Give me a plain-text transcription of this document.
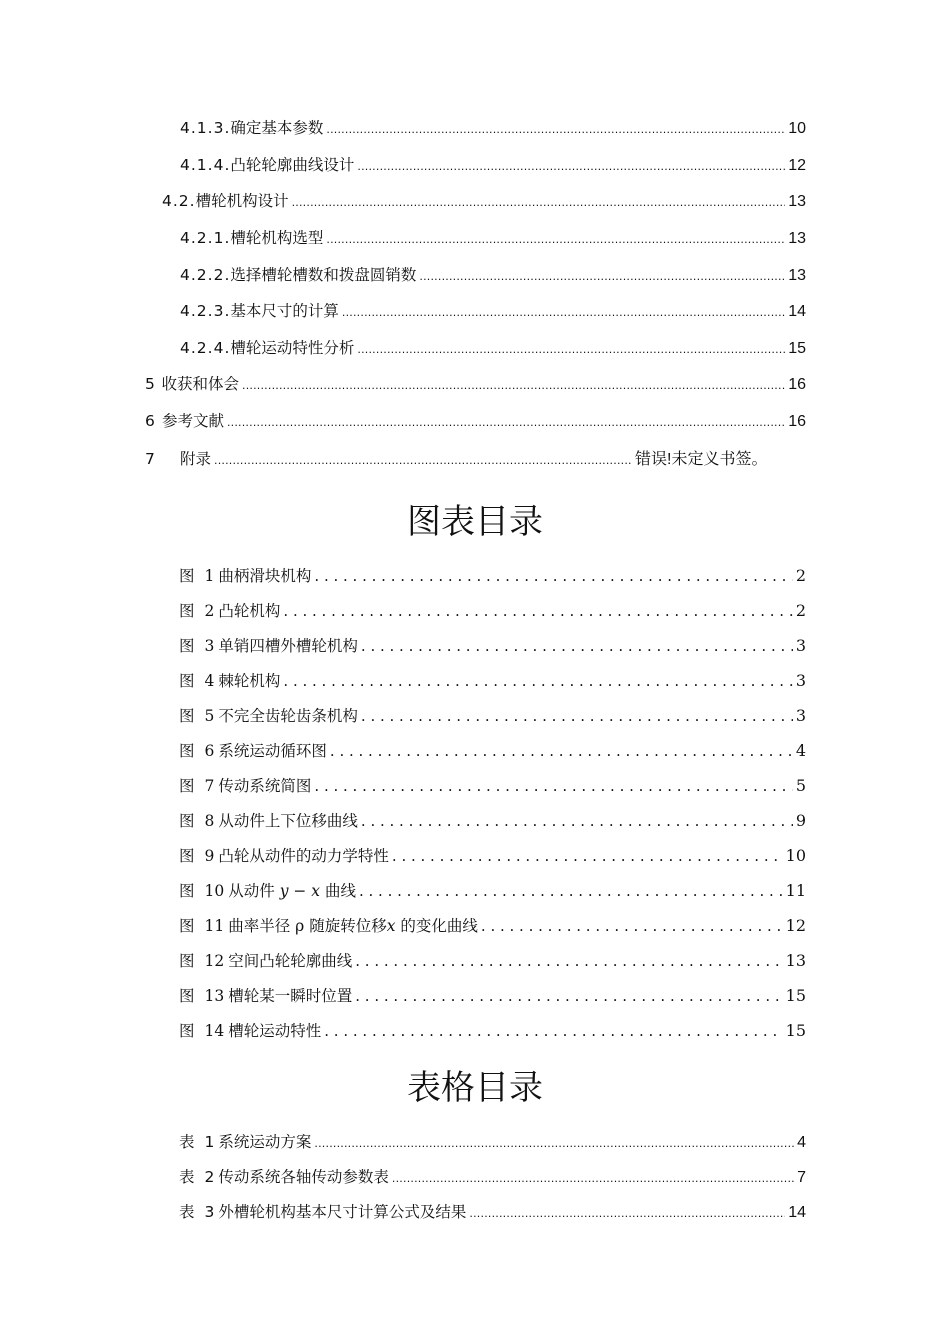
4.1.3. 确定基本参数 .....	10
4.1.4. 凸轮轮廓曲线设计 .....	12
4.2. 槽轮机构设计 .....	13
4.2.1. 槽轮机构选型 .....	13
4.2.2. 选择槽轮槽数和拨盘圆销数 .....	13
4.2.3. 基本尺寸的计算 .....	14
4.2.4. 槽轮运动特性分析 .....	15
5 收获和体会 .....	16
6 参考文献 .....	16
7	附录 .....	错误!未定义书签。
图表目录
图 1 曲柄滑块机构 . . .	2
图 2 凸轮机构 . . .	2
图 3 单销四槽外槽轮机构 . . .	3
图 4 棘轮机构 . . .	3
图 5 不完全齿轮齿条机构 . . .	3
图 6 系统运动循环图 . . .	4
图 7 传动系统简图 . . .	5
图 8 从动件上下位移曲线 . . .	9
图 9 凸轮从动件的动力学特性 . . .	10
图 10 从动件 y − x 曲线 . . .	11
图 11 曲率半径 ρ 随旋转位移x 的变化曲线 . . .	12
图 12 空间凸轮轮廓曲线 . . .	13
图 13 槽轮某一瞬时位置 . . .	15
图 14 槽轮运动特性 . . .	15
表格目录
表 1 系统运动方案 .....	4
表 2 传动系统各轴传动参数表 .....	7
表 3 外槽轮机构基本尺寸计算公式及结果 .....	14
